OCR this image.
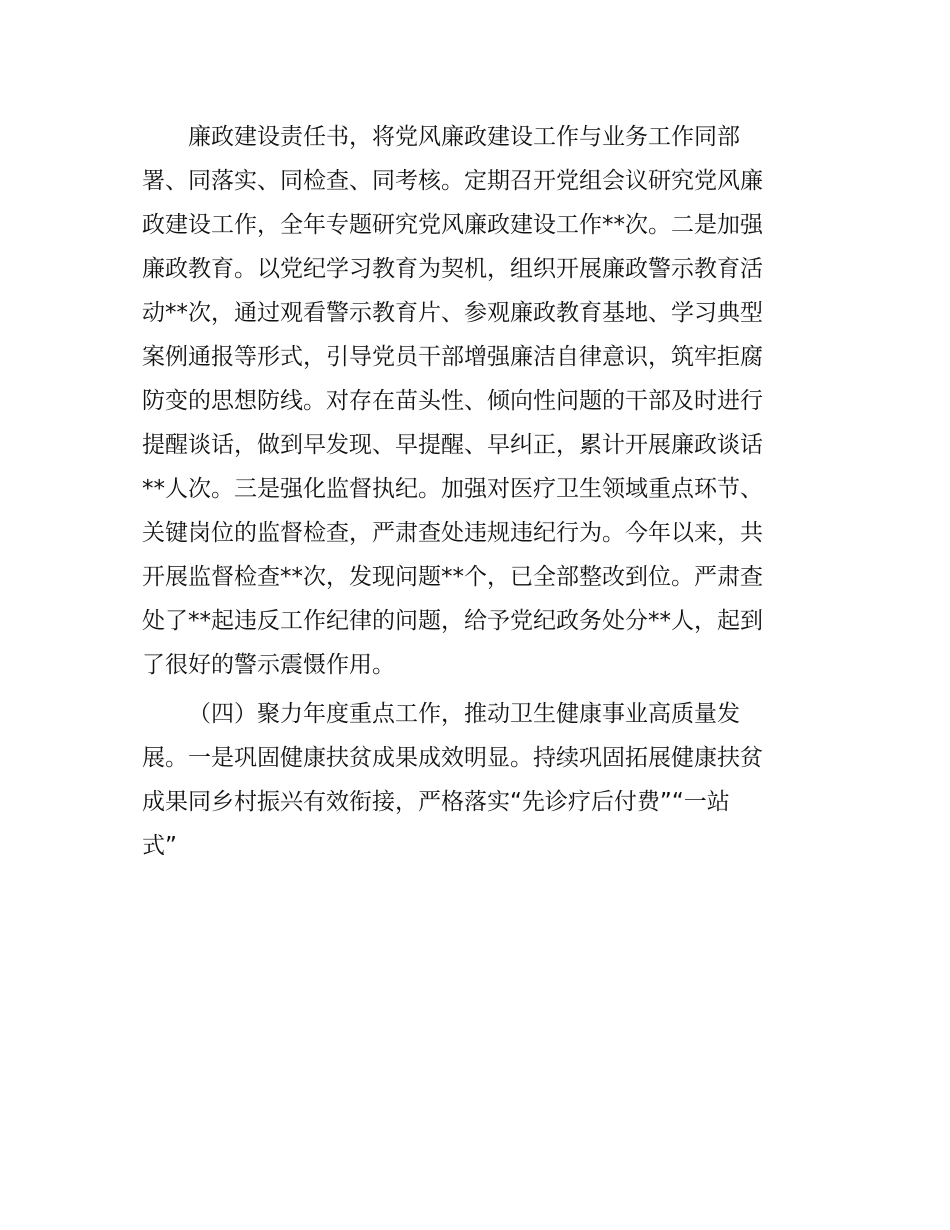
廉政建设责任书，将党风廉政建设工作与业务工作同部

署、同落实、同检查、同考核。定期召开党组会议研究党风廉

政建设工作，全年专题研究党风廉政建设工作**次。二是加强

廉政教育。以党纪学习教育为契机，组织开展廉政警示教育活

动**次，通过观看警示教育片、参观廉政教育基地、学习典型

案例通报等形式，引导党员干部增强廉洁自律意识，筑牢拒腐

防变的思想防线。对存在苗头性、倾向性问题的干部及时进行

提醒谈话，做到早发现、早提醒、早纠正，累计开展廉政谈话

**人次。三是强化监督执纪。加强对医疗卫生领域重点环节、

关键岗位的监督检查，严肃查处违规违纪行为。今年以来，共

开展监督检查**次，发现问题**个，已全部整改到位。严肃查

处了**起违反工作纪律的问题，给予党纪政务处分**人，起到

了很好的警示震慑作用。

（四）聚力年度重点工作，推动卫生健康事业高质量发

展。一是巩固健康扶贫成果成效明显。持续巩固拓展健康扶贫

成果同乡村振兴有效衔接，严格落实“先诊疗后付费”“一站

式”
